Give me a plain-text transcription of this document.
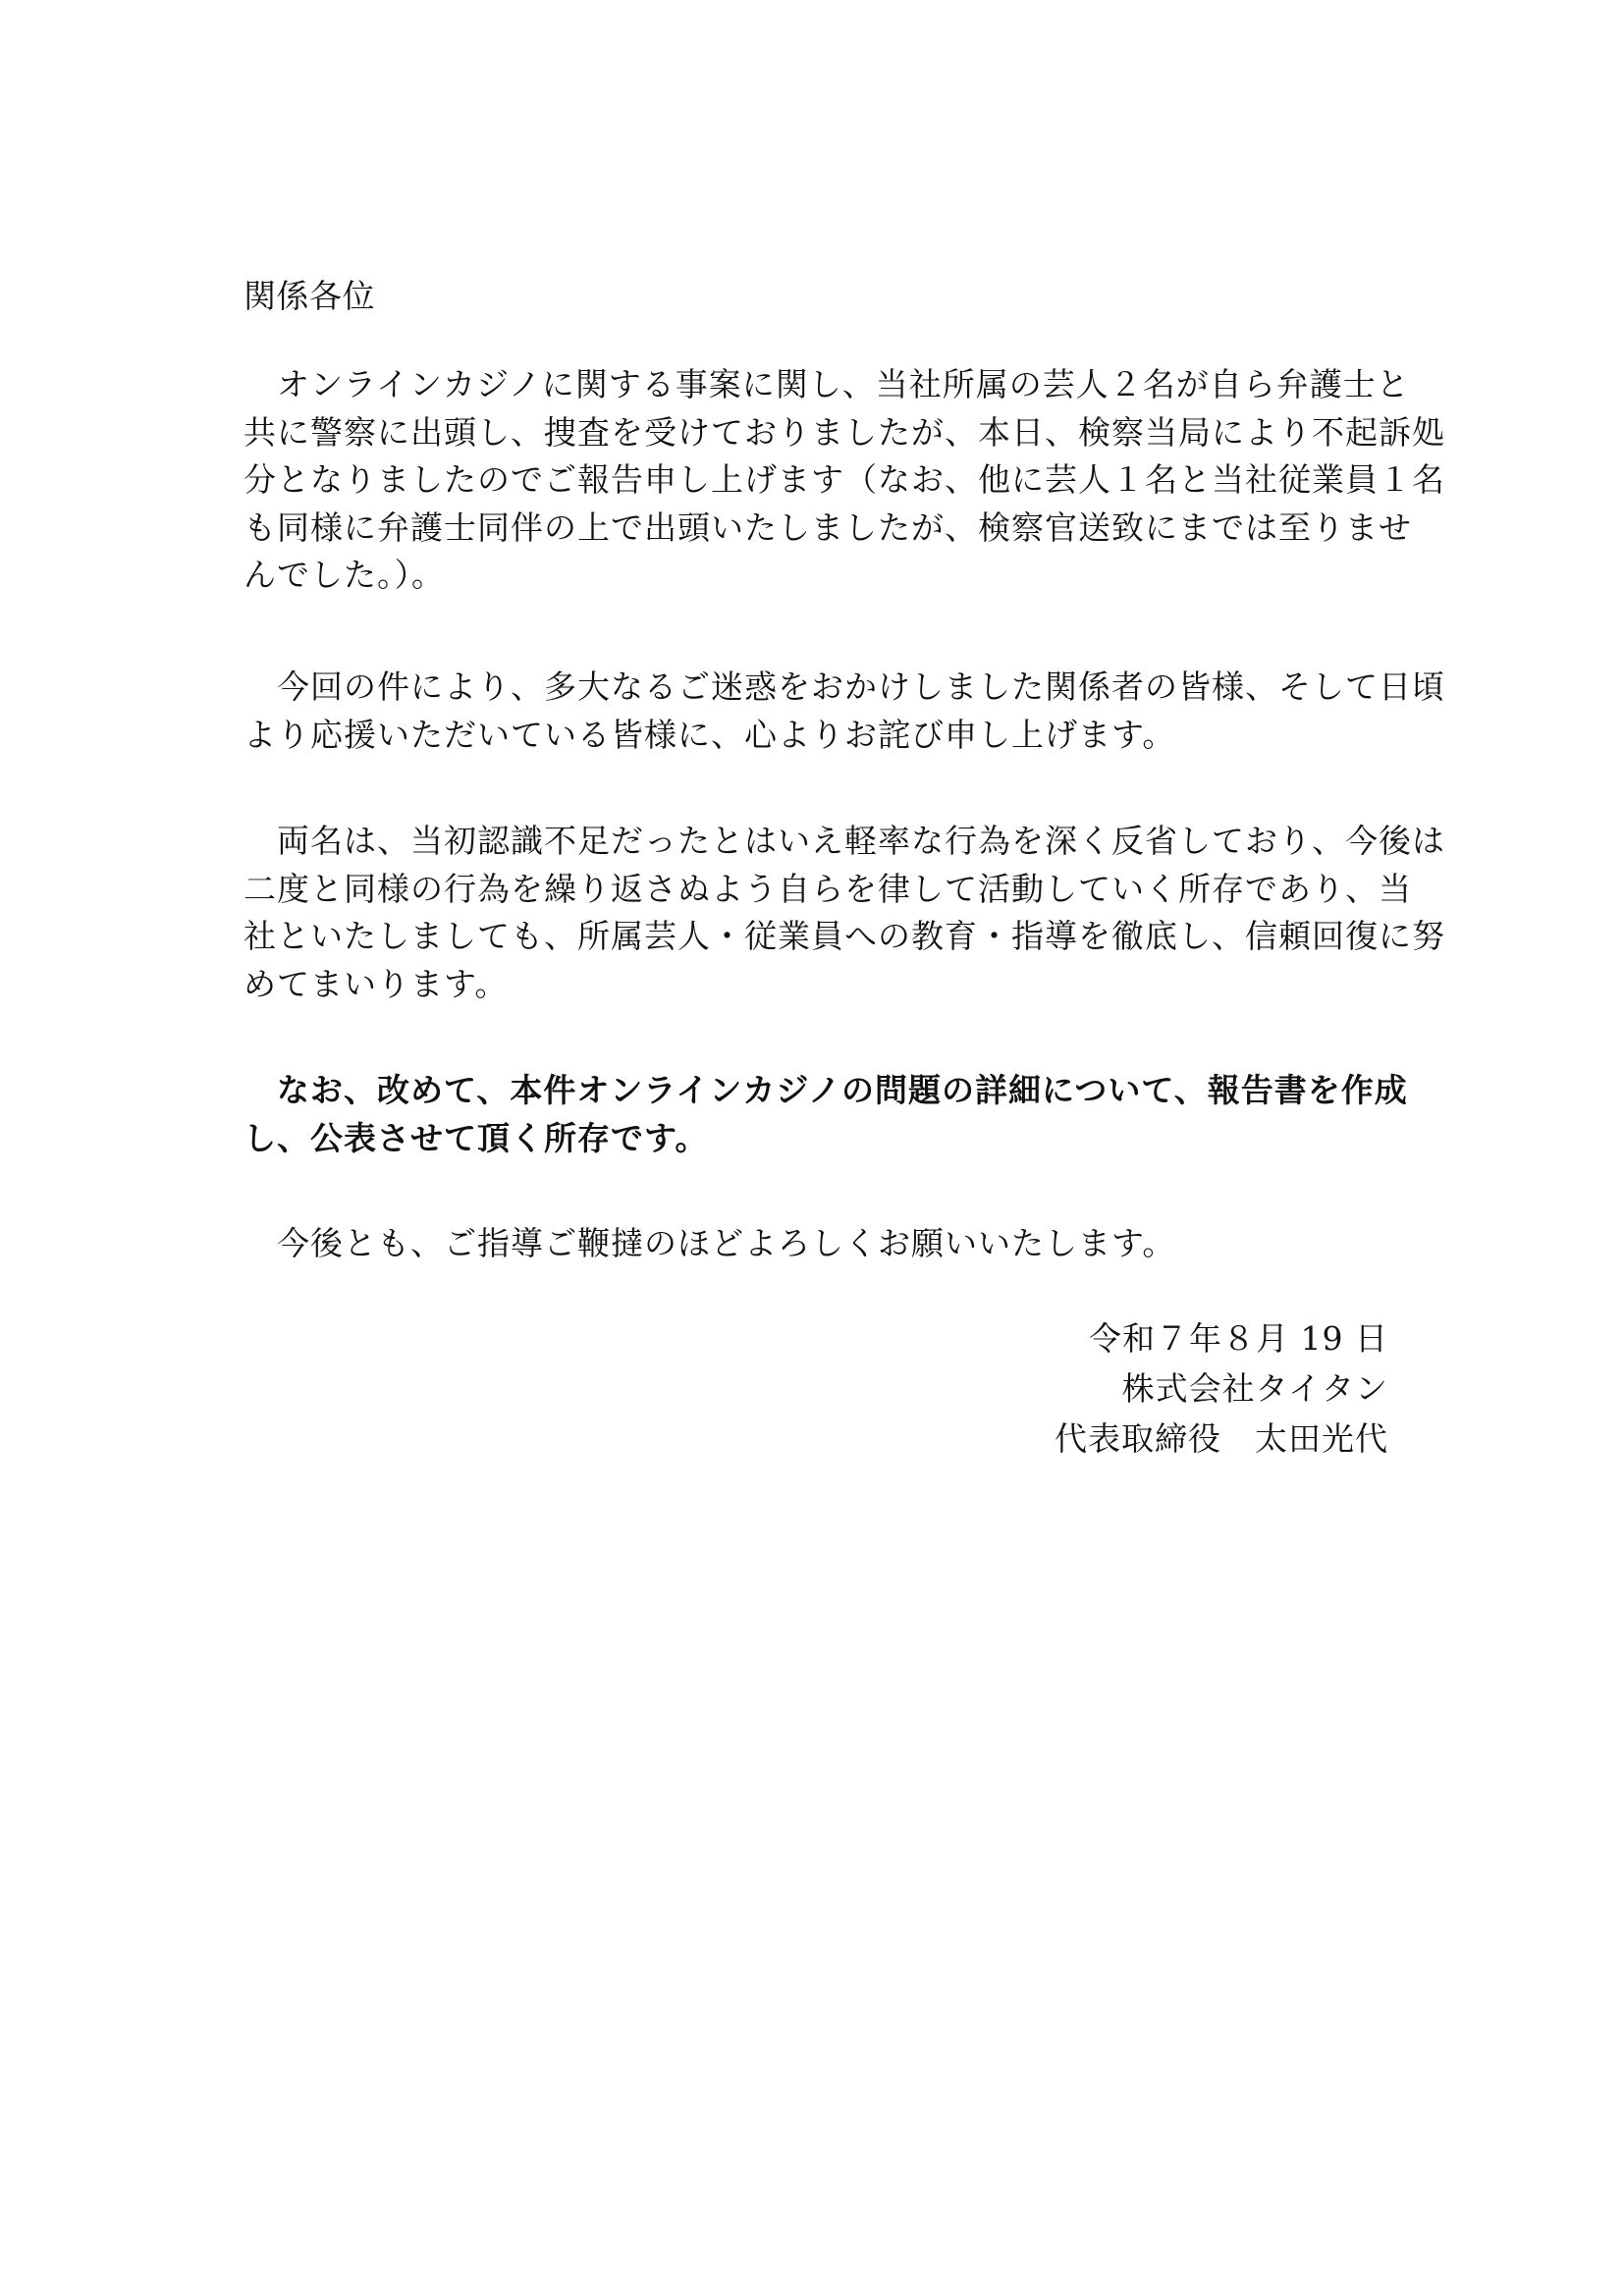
関係各位

　オンラインカジノに関する事案に関し、当社所属の芸人２名が自ら弁護士と
共に警察に出頭し、捜査を受けておりましたが、本日、検察当局により不起訴処
分となりましたのでご報告申し上げます（なお、他に芸人１名と当社従業員１名
も同様に弁護士同伴の上で出頭いたしましたが、検察官送致にまでは至りませ
んでした。）。

　今回の件により、多大なるご迷惑をおかけしました関係者の皆様、そして日頃
より応援いただいている皆様に、心よりお詫び申し上げます。

　両名は、当初認識不足だったとはいえ軽率な行為を深く反省しており、今後は
二度と同様の行為を繰り返さぬよう自らを律して活動していく所存であり、当
社といたしましても、所属芸人・従業員への教育・指導を徹底し、信頼回復に努
めてまいります。

　なお、改めて、本件オンラインカジノの問題の詳細について、報告書を作成
し、公表させて頂く所存です。

　今後とも、ご指導ご鞭撻のほどよろしくお願いいたします。

令和７年８月 19 日
株式会社タイタン
代表取締役　太田光代
